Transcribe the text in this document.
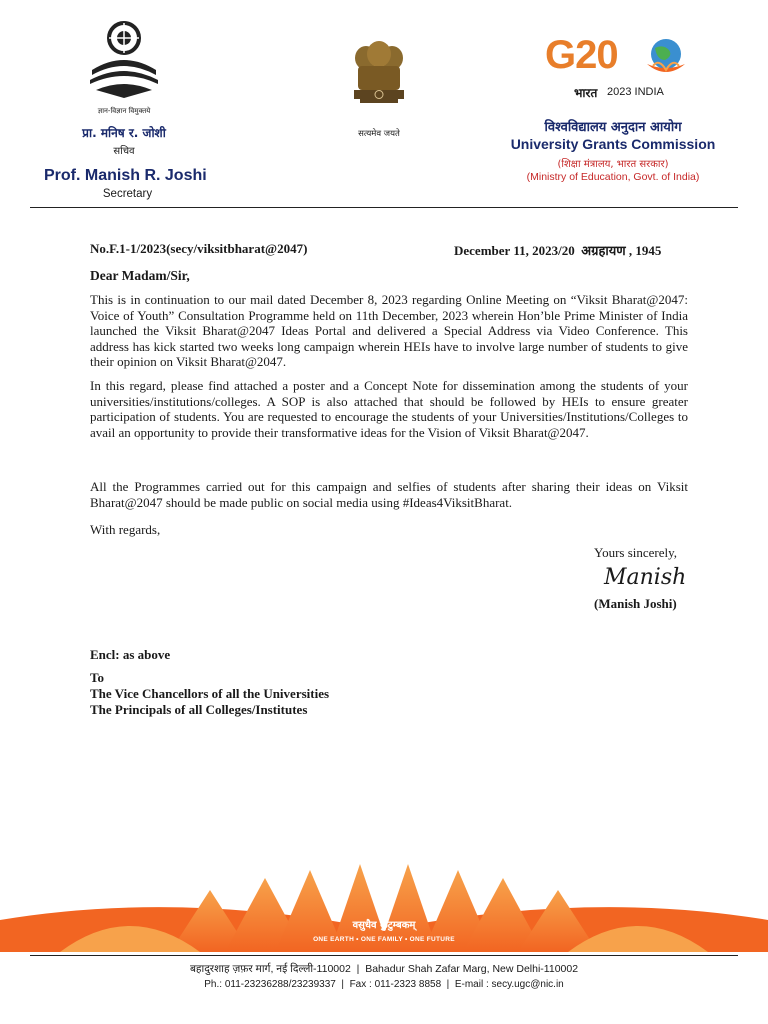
ज्ञान-विज्ञान विमुक्तये
प्रा. मनिष र. जोशी
सचिव
Prof. Manish R. Joshi
Secretary
सत्यमेव जयते
G20
भारत 2023 INDIA
विश्वविद्यालय अनुदान आयोग
University Grants Commission
(शिक्षा मंत्रालय, भारत सरकार)
(Ministry of Education, Govt. of India)
No.F.1-1/2023(secy/viksitbharat@2047)	December 11, 2023/20  अग्रहायण , 1945
Dear Madam/Sir,

This is in continuation to our mail dated December 8, 2023 regarding Online Meeting on “Viksit Bharat@2047: Voice of Youth” Consultation Programme held on 11th December, 2023 wherein Hon’ble Prime Minister of India launched the Viksit Bharat@2047 Ideas Portal and delivered a Special Address via Video Conference. This address has kick started two weeks long campaign wherein HEIs have to involve large number of students to give their opinion on Viksit Bharat@2047.

In this regard, please find attached a poster and a Concept Note for dissemination among the students of your universities/institutions/colleges. A SOP is also attached that should be followed by HEIs to ensure greater participation of students. You are requested to encourage the students of your Universities/Institutions/Colleges to avail an opportunity to provide their transformative ideas for the Vision of Viksit Bharat@2047.

All the Programmes carried out for this campaign and selfies of students after sharing their ideas on Viksit Bharat@2047 should be made public on social media using #Ideas4ViksitBharat.

With regards,
Yours sincerely,
Manish
(Manish Joshi)
Encl: as above
To
The Vice Chancellors of all the Universities
The Principals of all Colleges/Institutes
वसुधैव कुटुम्बकम्
ONE EARTH • ONE FAMILY • ONE FUTURE
बहादुरशाह ज़फ़र मार्ग, नई दिल्ली-110002  |  Bahadur Shah Zafar Marg, New Delhi-110002
Ph.: 011-23236288/23239337  |  Fax : 011-2323 8858  |  E-mail : secy.ugc@nic.in
